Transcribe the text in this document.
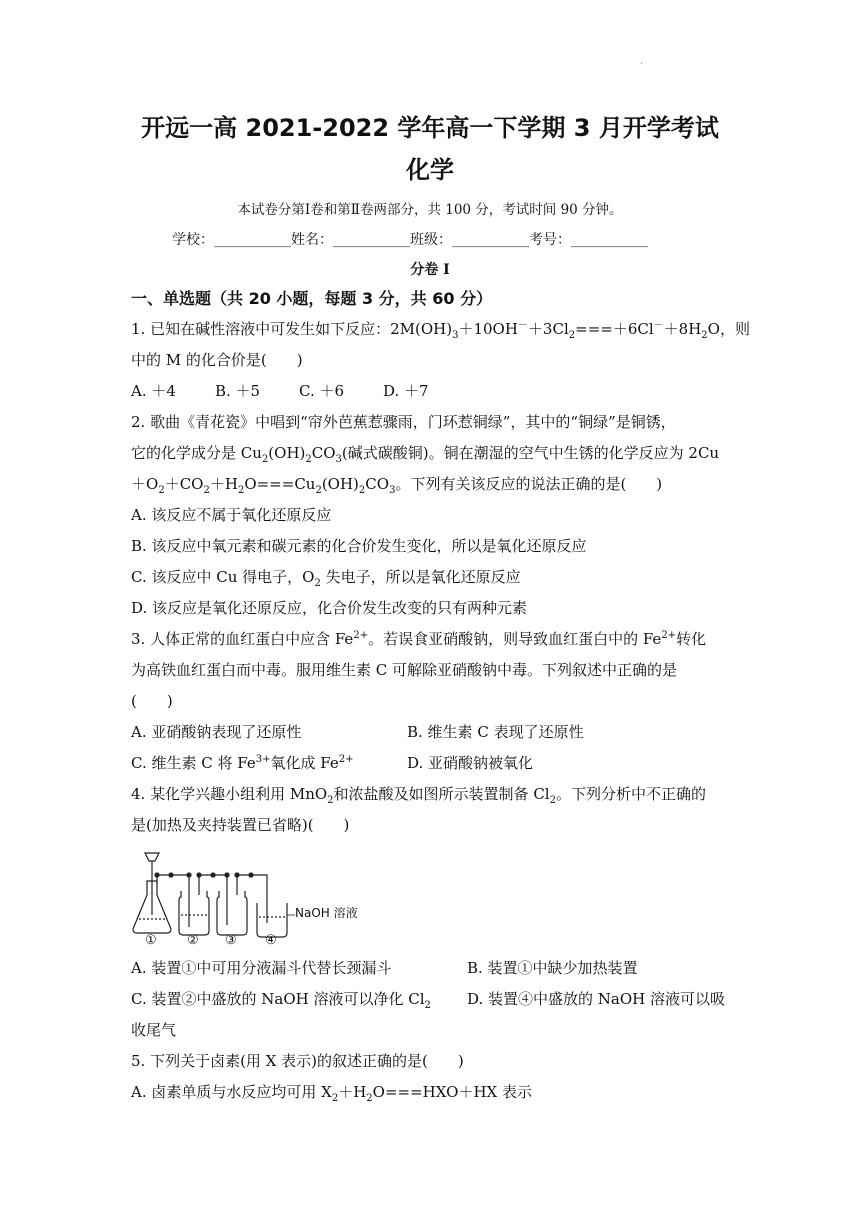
.
开远一高 2021-2022 学年高一下学期 3 月开学考试
化学
本试卷分第Ⅰ卷和第Ⅱ卷两部分，共 100 分，考试时间 90 分钟。
学校：___________姓名：___________班级：___________考号：___________
分卷 I
一、单选题（共 20 小题，每题 3 分，共 60 分）
1. 已知在碱性溶液中可发生如下反应：$2M(OH)_3+10OH^-+3Cl_2===+6Cl^-+8H_2O$，则
中的 M 的化合价是(　　)
A. ＋4	B. ＋5	C. ＋6	D. ＋7
2. 歌曲《青花瓷》中唱到“帘外芭蕉惹骤雨，门环惹铜绿”，其中的“铜绿”是铜锈，
它的化学成分是 $Cu_2(OH)_2CO_3$(碱式碳酸铜)。铜在潮湿的空气中生锈的化学反应为 2Cu
$+O_2+CO_2+H_2O===Cu_2(OH)_2CO_3$。下列有关该反应的说法正确的是(　　)
A. 该反应不属于氧化还原反应
B. 该反应中氧元素和碳元素的化合价发生变化，所以是氧化还原反应
C. 该反应中 Cu 得电子，$O_2$ 失电子，所以是氧化还原反应
D. 该反应是氧化还原反应，化合价发生改变的只有两种元素
3. 人体正常的血红蛋白中应含 $Fe^{2+}$。若误食亚硝酸钠，则导致血红蛋白中的 $Fe^{2+}$转化
为高铁血红蛋白而中毒。服用维生素 C 可解除亚硝酸钠中毒。下列叙述中正确的是
(　　)
A. 亚硝酸钠表现了还原性	B. 维生素 C 表现了还原性
C. 维生素 C 将 $Fe^{3+}$氧化成 $Fe^{2+}$	D. 亚硝酸钠被氧化
4. 某化学兴趣小组利用 MnO$_2$和浓盐酸及如图所示装置制备 $Cl_2$。下列分析中不正确的
是(加热及夹持装置已省略)(　　)
NaOH 溶液
① ② ③ ④
A. 装置①中可用分液漏斗代替长颈漏斗	B. 装置①中缺少加热装置
C. 装置②中盛放的 NaOH 溶液可以净化 $Cl_2$ D. 装置④中盛放的 NaOH 溶液可以吸
收尾气
5. 下列关于卤素(用 X 表示)的叙述正确的是(　　)
A. 卤素单质与水反应均可用 $X_2+H_2O===HXO+HX$ 表示
